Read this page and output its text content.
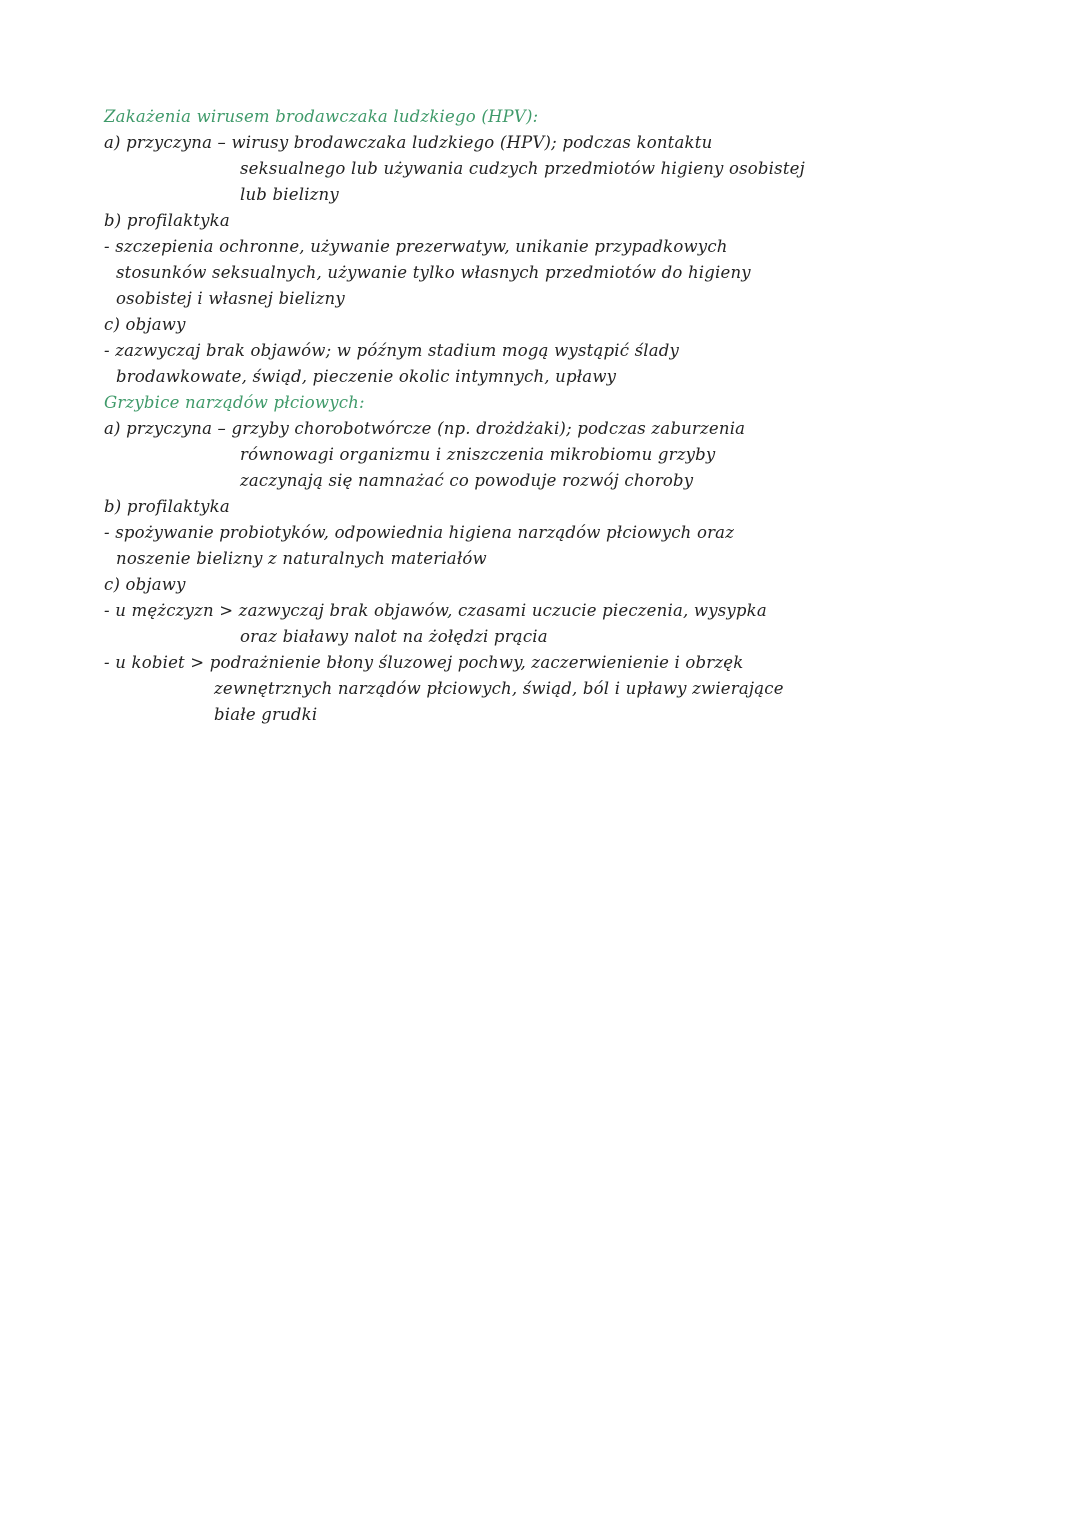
Zakażenia wirusem brodawczaka ludzkiego (HPV):
a) przyczyna – wirusy brodawczaka ludzkiego (HPV); podczas kontaktu
seksualnego lub używania cudzych przedmiotów higieny osobistej
lub bielizny
b) profilaktyka
- szczepienia ochronne, używanie prezerwatyw, unikanie przypadkowych
stosunków seksualnych, używanie tylko własnych przedmiotów do higieny
osobistej i własnej bielizny
c) objawy
- zazwyczaj brak objawów; w późnym stadium mogą wystąpić ślady
brodawkowate, świąd, pieczenie okolic intymnych, upławy
Grzybice narządów płciowych:
a) przyczyna – grzyby chorobotwórcze (np. drożdżaki); podczas zaburzenia
równowagi organizmu i zniszczenia mikrobiomu grzyby
zaczynają się namnażać co powoduje rozwój choroby
b) profilaktyka
- spożywanie probiotyków, odpowiednia higiena narządów płciowych oraz
noszenie bielizny z naturalnych materiałów
c) objawy
- u mężczyzn > zazwyczaj brak objawów, czasami uczucie pieczenia, wysypka
oraz białawy nalot na żołędzi prącia
- u kobiet > podrażnienie błony śluzowej pochwy, zaczerwienienie i obrzęk
zewnętrznych narządów płciowych, świąd, ból i upławy zwierające
białe grudki
